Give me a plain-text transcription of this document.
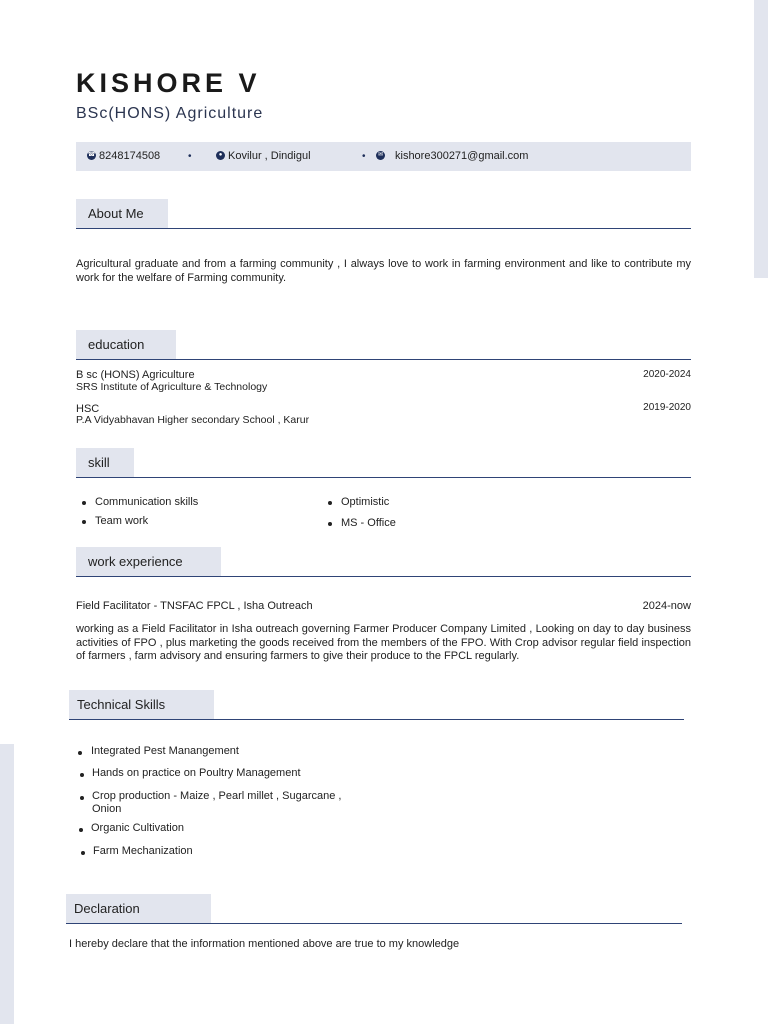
KISHORE V
BSc(HONS) Agriculture
☎ 8248174508	•	● Kovilur , Dindigul	•	✉ kishore300271@gmail.com
About Me
Agricultural graduate and from a farming community , I always love to work in farming environment and like to contribute my work for the welfare of Farming community.
education
B sc (HONS) Agriculture
SRS Institute of Agriculture & Technology
2020-2024
HSC
P.A Vidyabhavan Higher secondary School , Karur
2019-2020
skill
Communication skills
Team work
Optimistic
MS - Office
work experience
Field Facilitator - TNSFAC FPCL , Isha Outreach	2024-now
working as a Field Facilitator in Isha outreach governing Farmer Producer Company Limited , Looking on day to day business activities of FPO , plus marketing the goods received from the members of the FPO. With Crop advisor regular field inspection of farmers , farm advisory and ensuring farmers to give their produce to the FPCL regularly.
Technical Skills
Integrated Pest Manangement
Hands on practice on Poultry Management
Crop production - Maize , Pearl millet , Sugarcane ,
Onion
Organic Cultivation
Farm Mechanization
Declaration
I hereby declare that the information mentioned above are true to my knowledge
